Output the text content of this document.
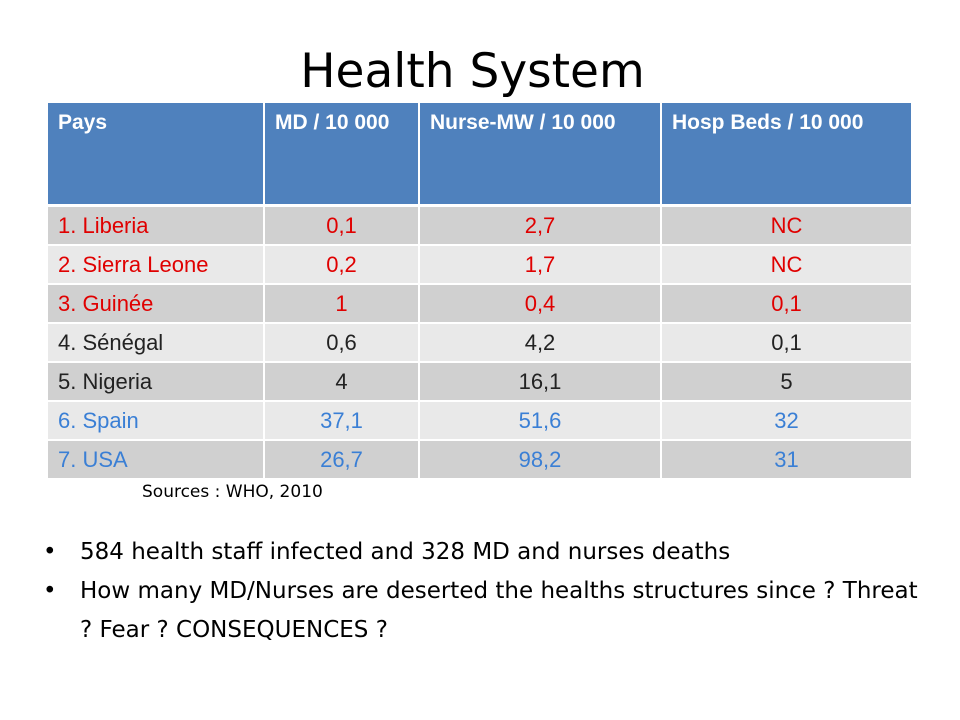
Health System
Pays	MD / 10 000	Nurse-MW / 10 000	Hosp Beds / 10 000
1. Liberia	0,1	2,7	NC
2. Sierra Leone	0,2	1,7	NC
3. Guinée	1	0,4	0,1
4. Sénégal	0,6	4,2	0,1
5. Nigeria	4	16,1	5
6. Spain	37,1	51,6	32
7. USA	26,7	98,2	31
Sources : WHO, 2010
• 584 health staff infected and 328 MD and nurses deaths
• How many MD/Nurses are deserted the healths structures since ? Threat ? Fear ? CONSEQUENCES ?
